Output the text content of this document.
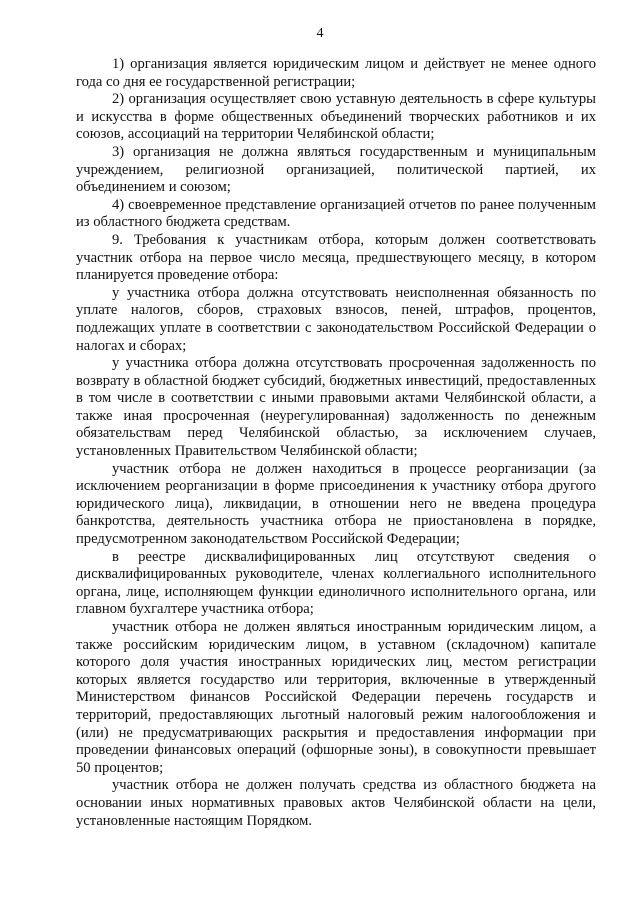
4

1) организация является юридическим лицом и действует не менее одного года со дня ее государственной регистрации;

2) организация осуществляет свою уставную деятельность в сфере культуры и искусства в форме общественных объединений творческих работников и их союзов, ассоциаций на территории Челябинской области;

3) организация не должна являться государственным и муниципальным учреждением, религиозной организацией, политической партией, их объединением и союзом;

4) своевременное представление организацией отчетов по ранее полученным из областного бюджета средствам.

9. Требования к участникам отбора, которым должен соответствовать участник отбора на первое число месяца, предшествующего месяцу, в котором планируется проведение отбора:

у участника отбора должна отсутствовать неисполненная обязанность по уплате налогов, сборов, страховых взносов, пеней, штрафов, процентов, подлежащих уплате в соответствии с законодательством Российской Федерации о налогах и сборах;

у участника отбора должна отсутствовать просроченная задолженность по возврату в областной бюджет субсидий, бюджетных инвестиций, предоставленных в том числе в соответствии с иными правовыми актами Челябинской области, а также иная просроченная (неурегулированная) задолженность по денежным обязательствам перед Челябинской областью, за исключением случаев, установленных Правительством Челябинской области;

участник отбора не должен находиться в процессе реорганизации (за исключением реорганизации в форме присоединения к участнику отбора другого юридического лица), ликвидации, в отношении него не введена процедура банкротства, деятельность участника отбора не приостановлена в порядке, предусмотренном законодательством Российской Федерации;

в реестре дисквалифицированных лиц отсутствуют сведения о дисквалифицированных руководителе, членах коллегиального исполнительного органа, лице, исполняющем функции единоличного исполнительного органа, или главном бухгалтере участника отбора;

участник отбора не должен являться иностранным юридическим лицом, а также российским юридическим лицом, в уставном (складочном) капитале которого доля участия иностранных юридических лиц, местом регистрации которых является государство или территория, включенные в утвержденный Министерством финансов Российской Федерации перечень государств и территорий, предоставляющих льготный налоговый режим налогообложения и (или) не предусматривающих раскрытия и предоставления информации при проведении финансовых операций (офшорные зоны), в совокупности превышает 50 процентов;

участник отбора не должен получать средства из областного бюджета на основании иных нормативных правовых актов Челябинской области на цели, установленные настоящим Порядком.
